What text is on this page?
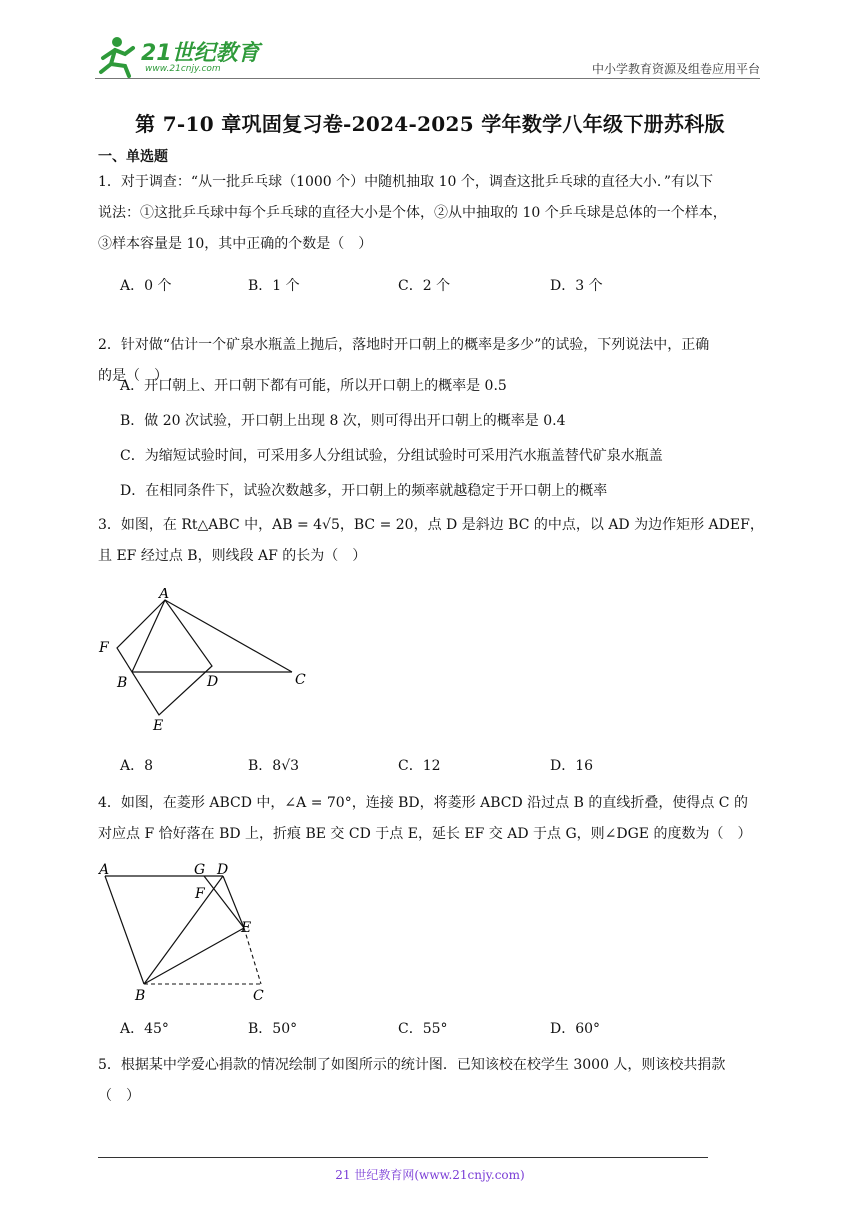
21世纪教育
www.21cnjy.com	中小学教育资源及组卷应用平台
第 7-10 章巩固复习卷-2024-2025 学年数学八年级下册苏科版
一、单选题
1．对于调查：“从一批乒乓球（1000 个）中随机抽取 10 个，调查这批乒乓球的直径大小．”有以下
说法：①这批乒乓球中每个乒乓球的直径大小是个体，②从中抽取的 10 个乒乓球是总体的一个样本，
③样本容量是 10，其中正确的个数是（　）
A．0 个	B．1 个	C．2 个	D．3 个
2．针对做“估计一个矿泉水瓶盖上抛后，落地时开口朝上的概率是多少”的试验，下列说法中，正确
的是（　）.
A．开口朝上、开口朝下都有可能，所以开口朝上的概率是 0.5
B．做 20 次试验，开口朝上出现 8 次，则可得出开口朝上的概率是 0.4
C．为缩短试验时间，可采用多人分组试验，分组试验时可采用汽水瓶盖替代矿泉水瓶盖
D．在相同条件下，试验次数越多，开口朝上的频率就越稳定于开口朝上的概率
3．如图，在 Rt△ABC 中，AB = 4√5，BC = 20，点 D 是斜边 BC 的中点，以 AD 为边作矩形 ADEF，
且 EF 经过点 B，则线段 AF 的长为（　）
A
F
B	D	C
E
A．8	B．8√3	C．12	D．16
4．如图，在菱形 ABCD 中，∠A = 70°，连接 BD，将菱形 ABCD 沿过点 B 的直线折叠，使得点 C 的
对应点 F 恰好落在 BD 上，折痕 BE 交 CD 于点 E，延长 EF 交 AD 于点 G，则∠DGE 的度数为（　）
A	G D
F
E
B	C
A．45°	B．50°	C．55°	D．60°
5．根据某中学爱心捐款的情况绘制了如图所示的统计图．已知该校在校学生 3000 人，则该校共捐款
（　）
21 世纪教育网(www.21cnjy.com)
